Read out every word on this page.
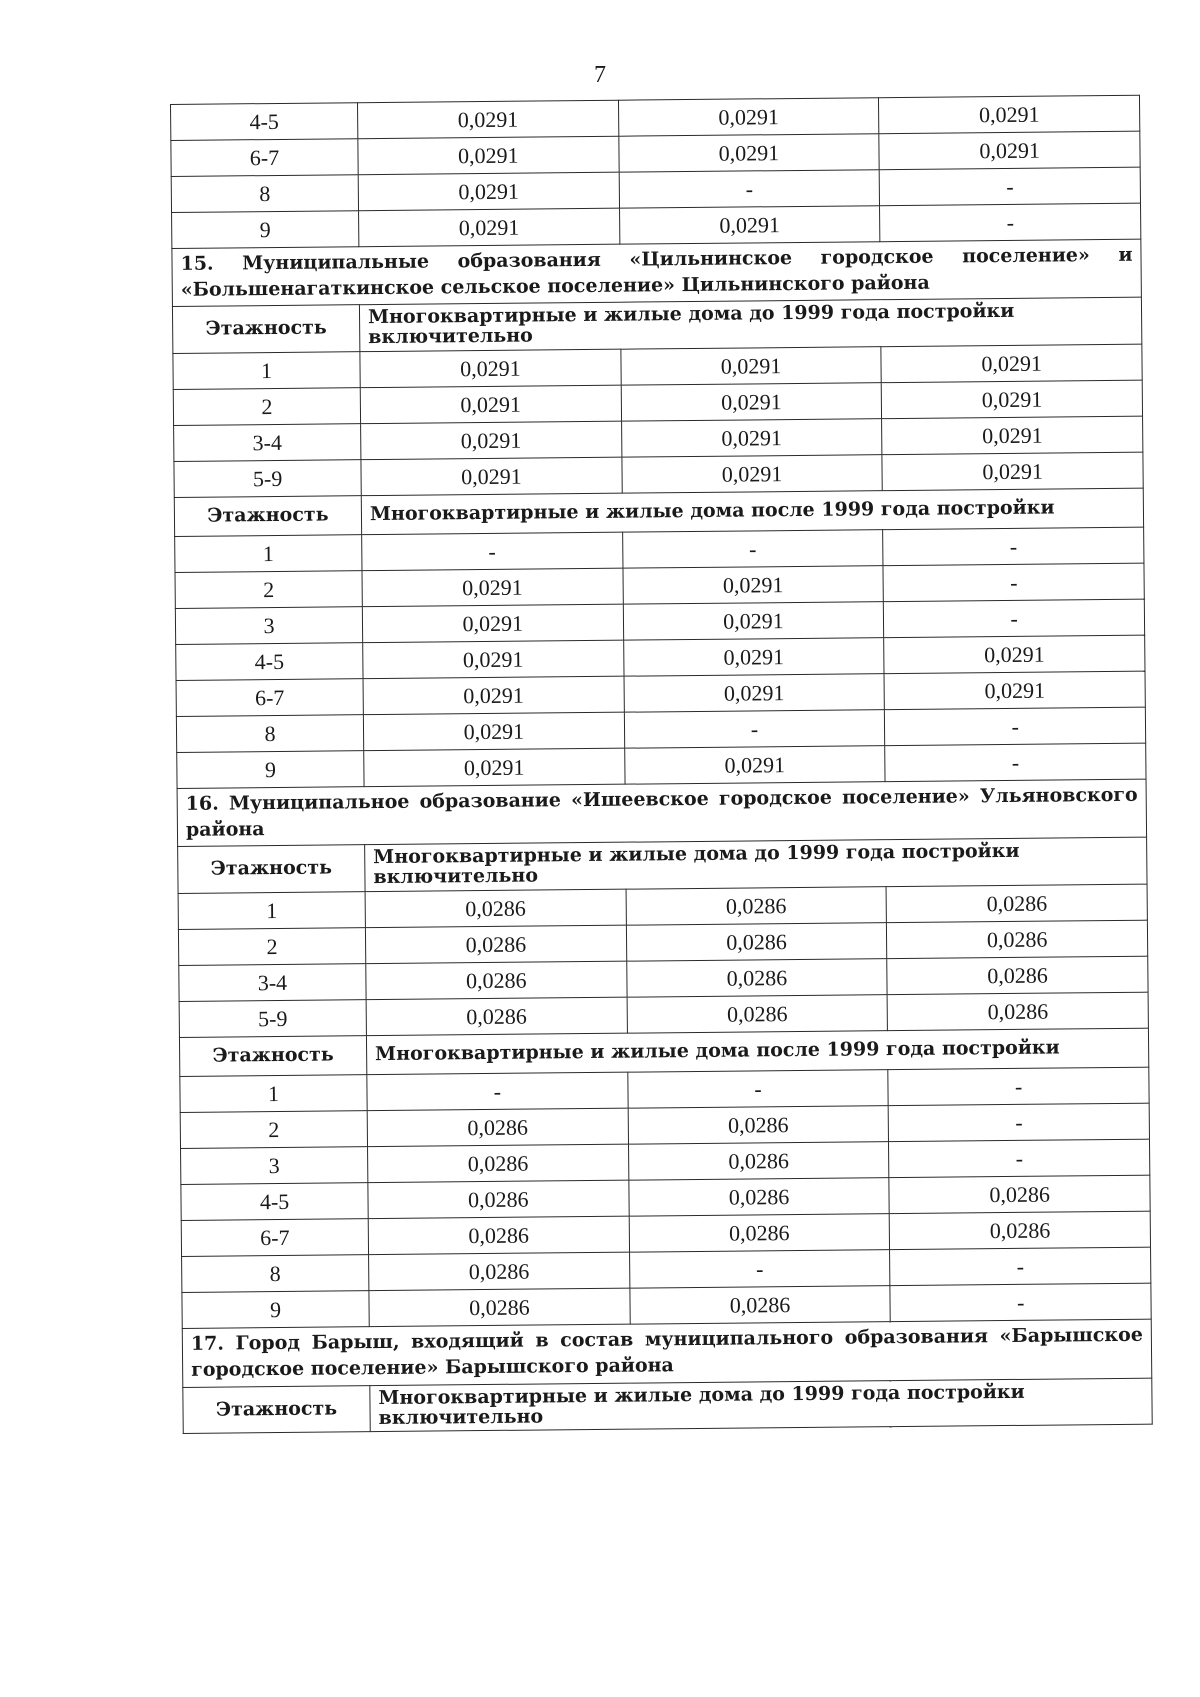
7
4-5	0,0291	0,0291	0,0291
6-7	0,0291	0,0291	0,0291
8	0,0291	-	-
9	0,0291	0,0291	-
15. Муниципальные образования «Цильнинское городское поселение» и «Большенагаткинское сельское поселение» Цильнинского района			
Этажность	Многоквартирные и жилые дома до 1999 года постройки включительно		
1	0,0291	0,0291	0,0291
2	0,0291	0,0291	0,0291
3-4	0,0291	0,0291	0,0291
5-9	0,0291	0,0291	0,0291
Этажность	Многоквартирные и жилые дома после 1999 года постройки		
1	-	-	-
2	0,0291	0,0291	-
3	0,0291	0,0291	-
4-5	0,0291	0,0291	0,0291
6-7	0,0291	0,0291	0,0291
8	0,0291	-	-
9	0,0291	0,0291	-
16. Муниципальное образование «Ишеевское городское поселение» Ульяновского района			
Этажность	Многоквартирные и жилые дома до 1999 года постройки включительно		
1	0,0286	0,0286	0,0286
2	0,0286	0,0286	0,0286
3-4	0,0286	0,0286	0,0286
5-9	0,0286	0,0286	0,0286
Этажность	Многоквартирные и жилые дома после 1999 года постройки		
1	-	-	-
2	0,0286	0,0286	-
3	0,0286	0,0286	-
4-5	0,0286	0,0286	0,0286
6-7	0,0286	0,0286	0,0286
8	0,0286	-	-
9	0,0286	0,0286	-
17. Город Барыш, входящий в состав муниципального образования «Барышское городское поселение» Барышского района			
Этажность	Многоквартирные и жилые дома до 1999 года постройки включительно		
